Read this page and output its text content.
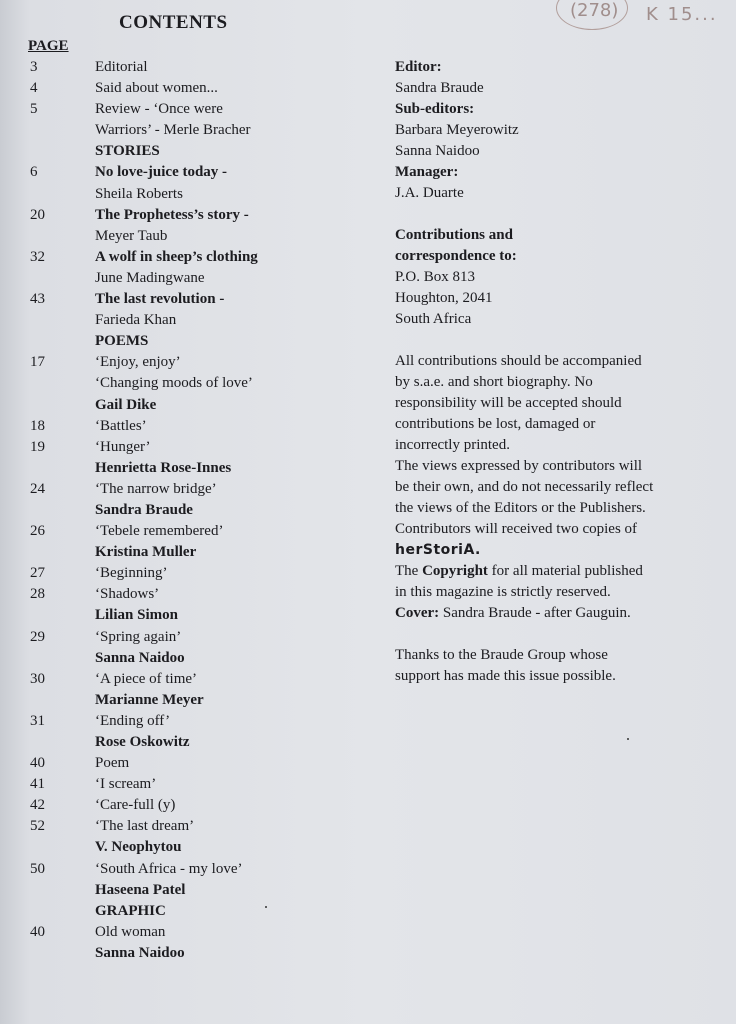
(278) K 15...
CONTENTS
PAGE
3	Editorial
4	Said about women...
5	Review - ‘Once were
Warriors’ - Merle Bracher
STORIES
6	No love-juice today -
Sheila Roberts
20	The Prophetess’s story -
Meyer Taub
32	A wolf in sheep’s clothing
June Madingwane
43	The last revolution -
Farieda Khan
POEMS
17	‘Enjoy, enjoy’
‘Changing moods of love’
Gail Dike
18	‘Battles’
19	‘Hunger’
Henrietta Rose-Innes
24	‘The narrow bridge’
Sandra Braude
26	‘Tebele remembered’
Kristina Muller
27	‘Beginning’
28	‘Shadows’
Lilian Simon
29	‘Spring again’
Sanna Naidoo
30	‘A piece of time’
Marianne Meyer
31	‘Ending off’
Rose Oskowitz
40	Poem
41	‘I scream’
42	‘Care-full (y)
52	‘The last dream’
V. Neophytou
50	‘South Africa - my love’
Haseena Patel
GRAPHIC
40	Old woman
Sanna Naidoo
Editor:
Sandra Braude
Sub-editors:
Barbara Meyerowitz
Sanna Naidoo
Manager:
J.A. Duarte
Contributions and
correspondence to:
P.O. Box 813
Houghton, 2041
South Africa
All contributions should be accompanied
by s.a.e. and short biography. No
responsibility will be accepted should
contributions be lost, damaged or
incorrectly printed.
The views expressed by contributors will
be their own, and do not necessarily reflect
the views of the Editors or the Publishers.
Contributors will received two copies of
herStoriA.
The Copyright for all material published
in this magazine is strictly reserved.
Cover: Sandra Braude - after Gauguin.
Thanks to the Braude Group whose
support has made this issue possible.
